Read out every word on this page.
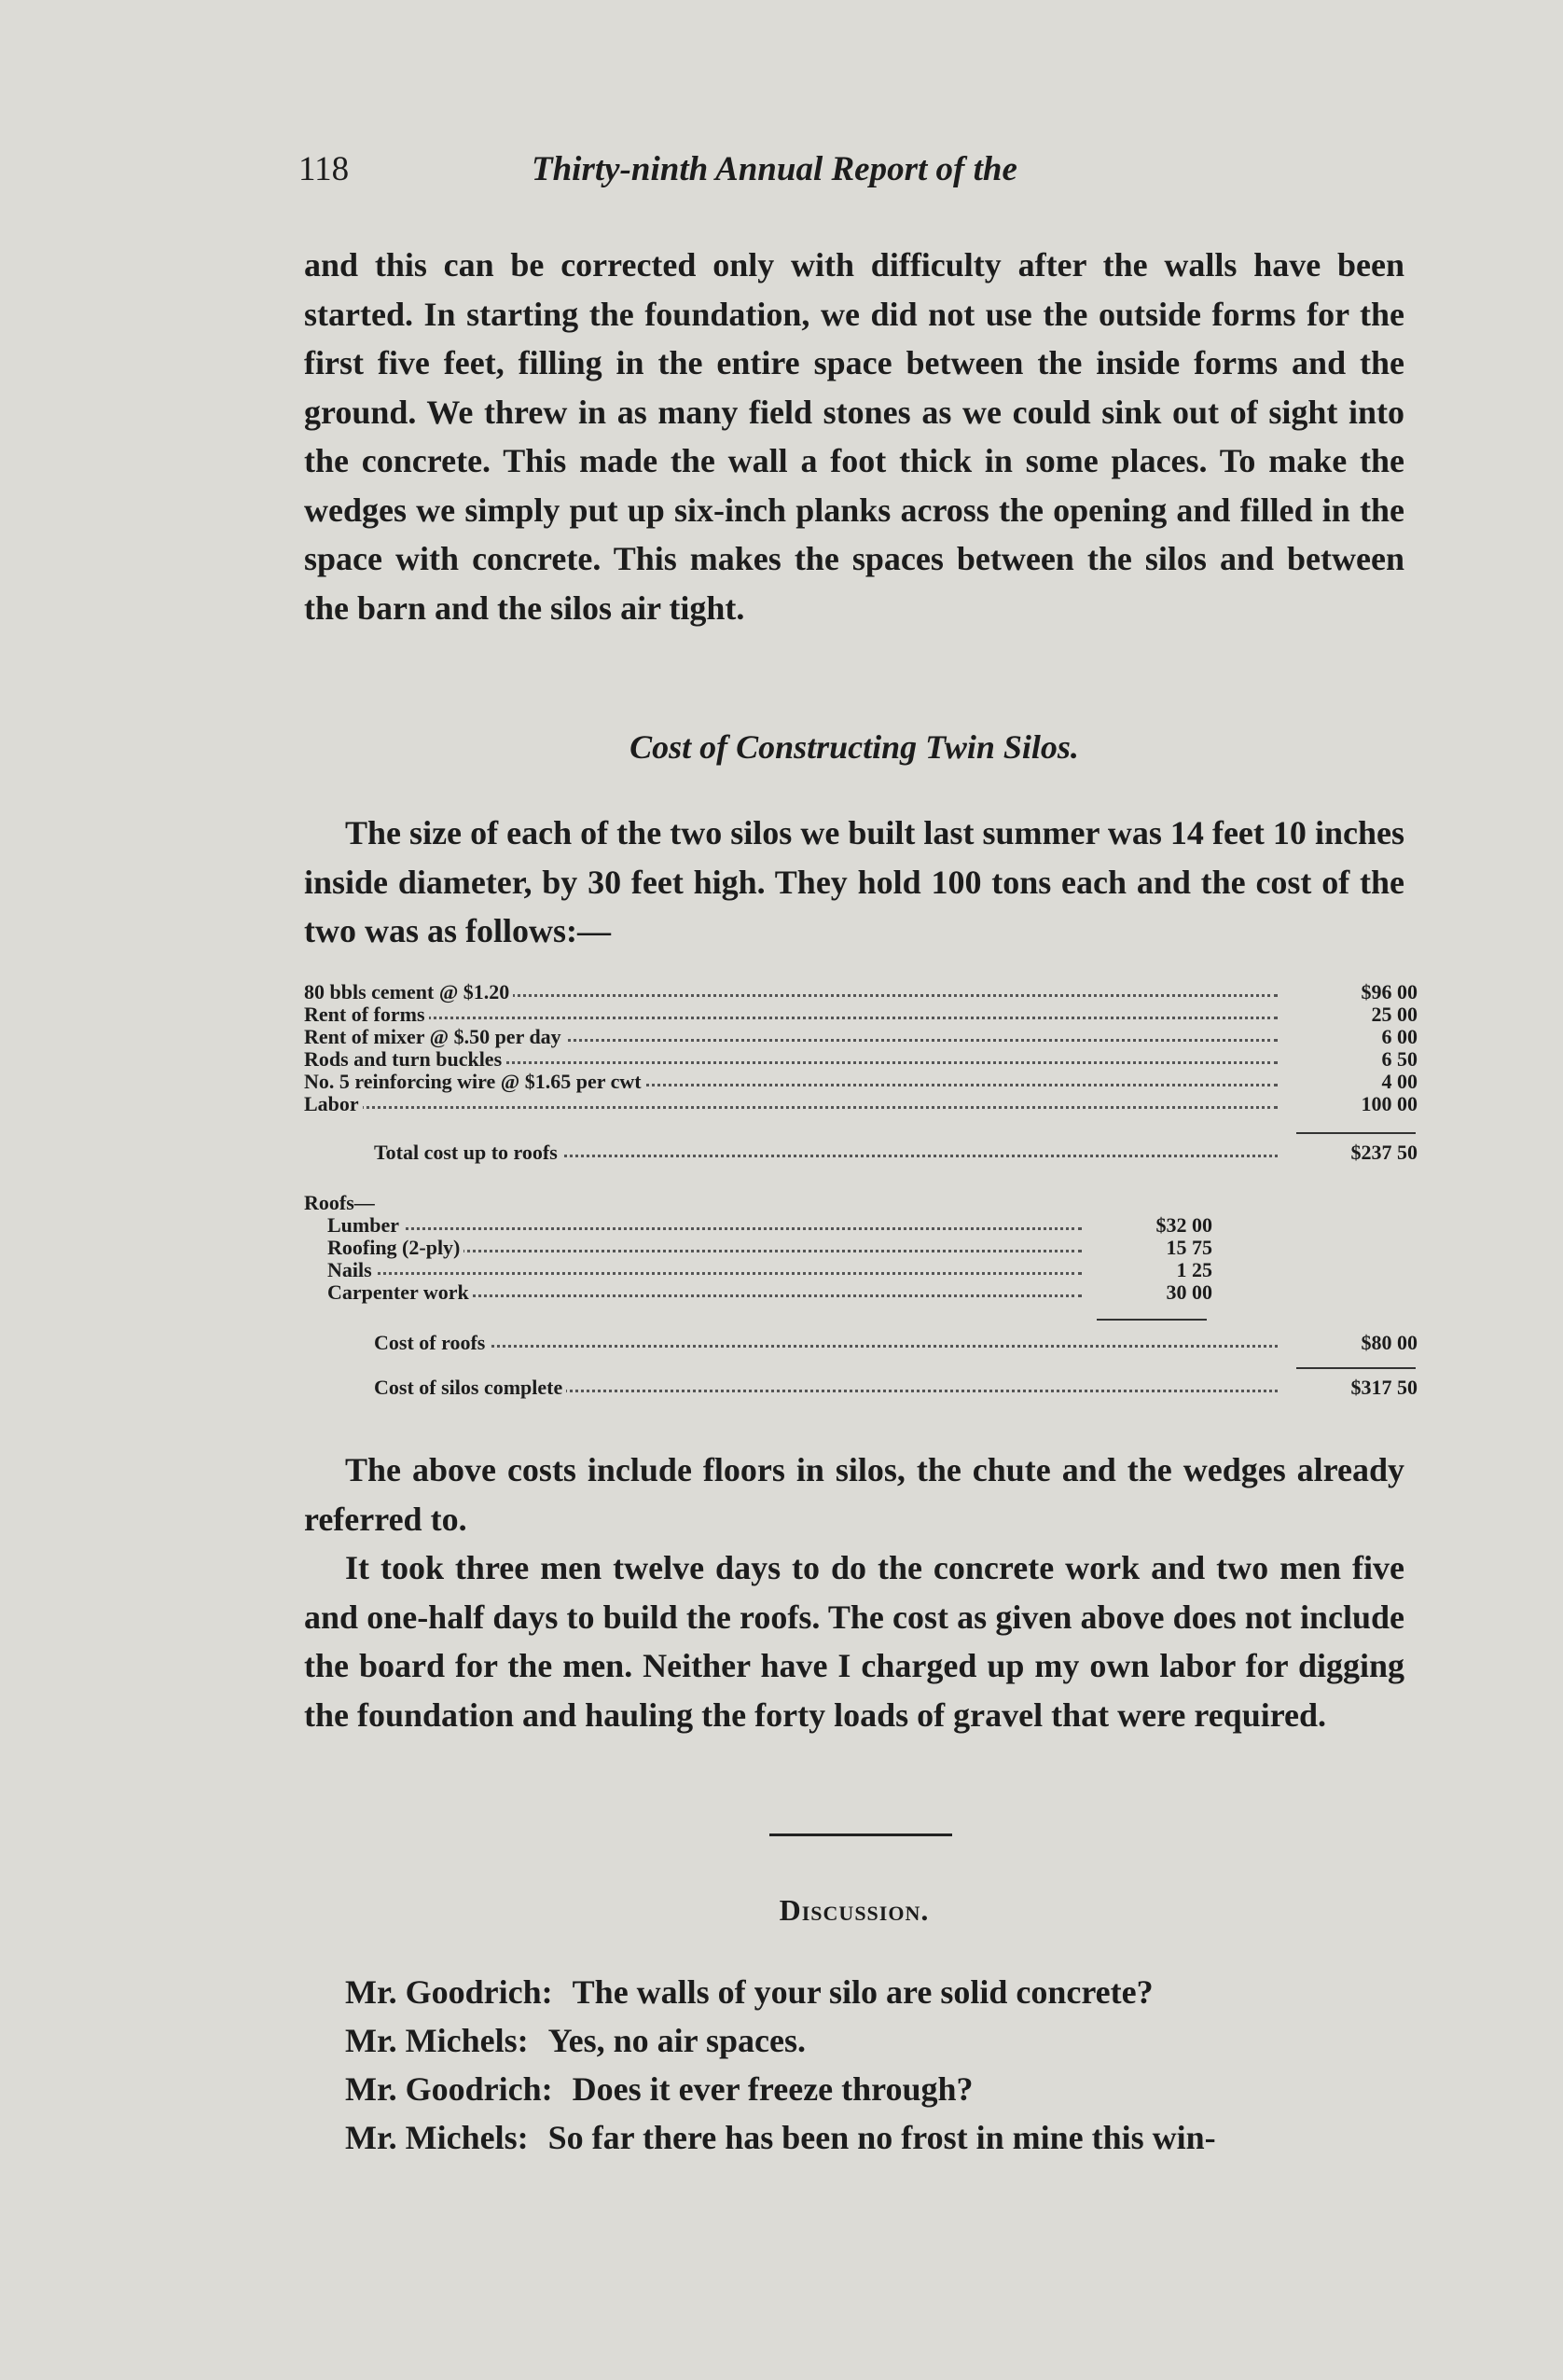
118	Thirty-ninth Annual Report of the

and this can be corrected only with difficulty after the walls have been started. In starting the foundation, we did not use the outside forms for the first five feet, filling in the entire space between the inside forms and the ground. We threw in as many field stones as we could sink out of sight into the concrete. This made the wall a foot thick in some places. To make the wedges we simply put up six-inch planks across the opening and filled in the space with concrete. This makes the spaces between the silos and between the barn and the silos air tight.

Cost of Constructing Twin Silos.

The size of each of the two silos we built last summer was 14 feet 10 inches inside diameter, by 30 feet high. They hold 100 tons each and the cost of the two was as follows:—

80 bbls cement @ $1.20	$96 00
Rent of forms	25 00
Rent of mixer @ $.50 per day	6 00
Rods and turn buckles	6 50
No. 5 reinforcing wire @ $1.65 per cwt	4 00
Labor	100 00
Total cost up to roofs	$237 50
Roofs—
Lumber	$32 00
Roofing (2-ply)	15 75
Nails	1 25
Carpenter work	30 00
Cost of roofs	$80 00
Cost of silos complete	$317 50

The above costs include floors in silos, the chute and the wedges already referred to.

It took three men twelve days to do the concrete work and two men five and one-half days to build the roofs. The cost as given above does not include the board for the men. Neither have I charged up my own labor for digging the foundation and hauling the forty loads of gravel that were required.

Discussion.

Mr. Goodrich: The walls of your silo are solid concrete?

Mr. Michels: Yes, no air spaces.

Mr. Goodrich: Does it ever freeze through?

Mr. Michels: So far there has been no frost in mine this win-
